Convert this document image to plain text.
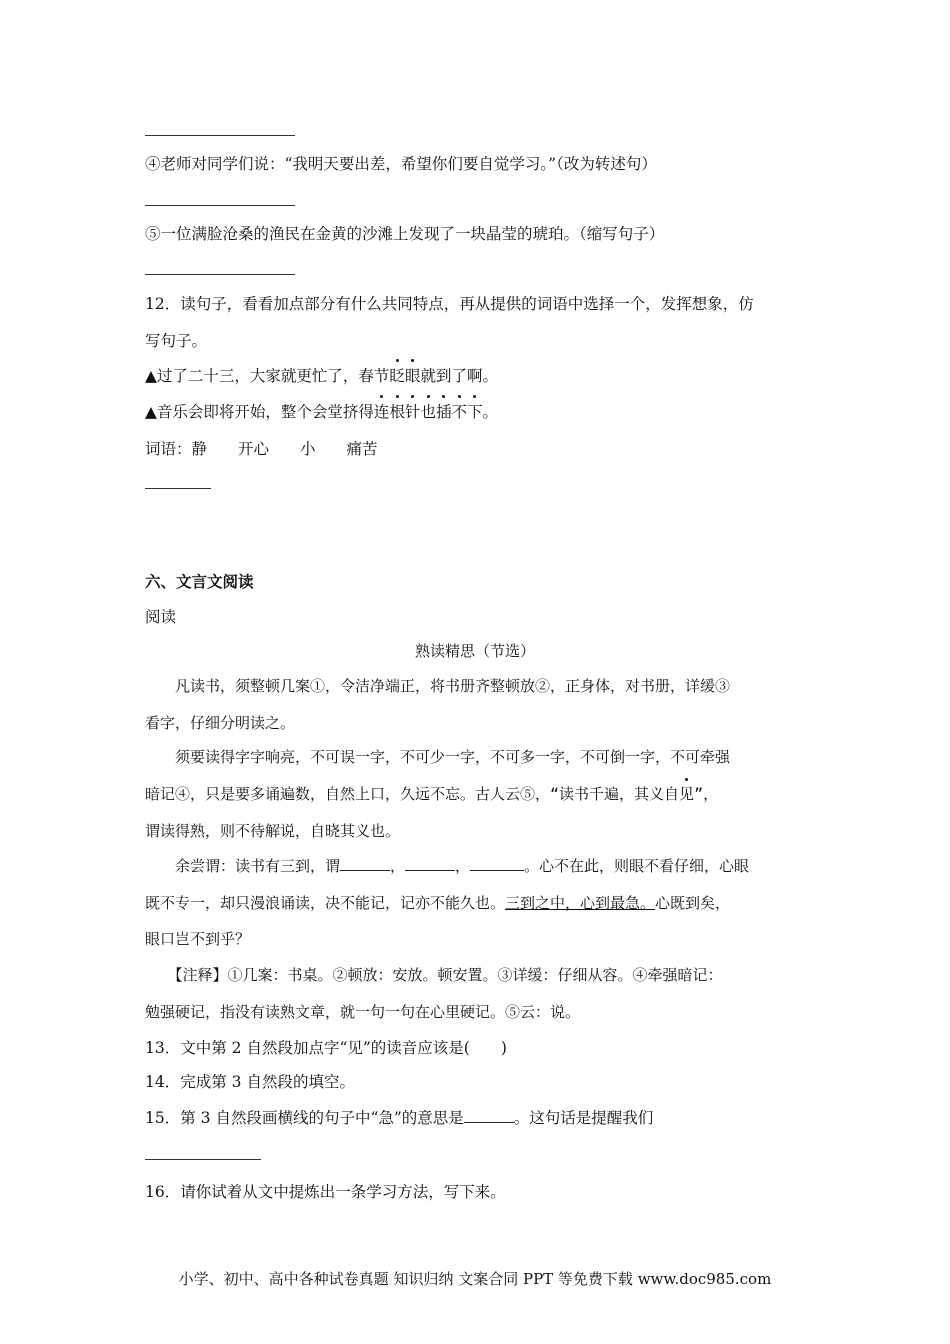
④老师对同学们说：“我明天要出差，希望你们要自觉学习。”（改为转述句）
⑤一位满脸沧桑的渔民在金黄的沙滩上发现了一块晶莹的琥珀。（缩写句子）
12．读句子，看看加点部分有什么共同特点，再从提供的词语中选择一个，发挥想象，仿
写句子。
▲过了二十三，大家就更忙了，春节眨眼就到了啊。
▲音乐会即将开始，整个会堂挤得连根针也插不下。
词语：静　　开心　　小　　痛苦
六、文言文阅读
阅读
熟读精思（节选）
　　凡读书，须整顿几案①，令洁净端正，将书册齐整顿放②，正身体，对书册，详缓③
看字，仔细分明读之。
　　须要读得字字响亮，不可误一字，不可少一字，不可多一字，不可倒一字，不可牵强
暗记④，只是要多诵遍数，自然上口，久远不忘。古人云⑤，“读书千遍，其义自见”，
谓读得熟，则不待解说，自晓其义也。
　　余尝谓：读书有三到，谓	，	，	。心不在此，则眼不看仔细，心眼
既不专一，却只漫浪诵读，决不能记，记亦不能久也。三到之中，心到最急。心既到矣，
眼口岂不到乎？
　　【注释】①几案：书桌。②顿放：安放。顿安置。③详缓：仔细从容。④牵强暗记：
勉强硬记，指没有读熟文章，就一句一句在心里硬记。⑤云：说。
13．文中第 2 自然段加点字“见”的读音应该是(　　)
14．完成第 3 自然段的填空。
15．第 3 自然段画横线的句子中“急”的意思是	。这句话是提醒我们
16．请你试着从文中提炼出一条学习方法，写下来。
小学、初中、高中各种试卷真题 知识归纳 文案合同 PPT 等免费下载 www.doc985.com
